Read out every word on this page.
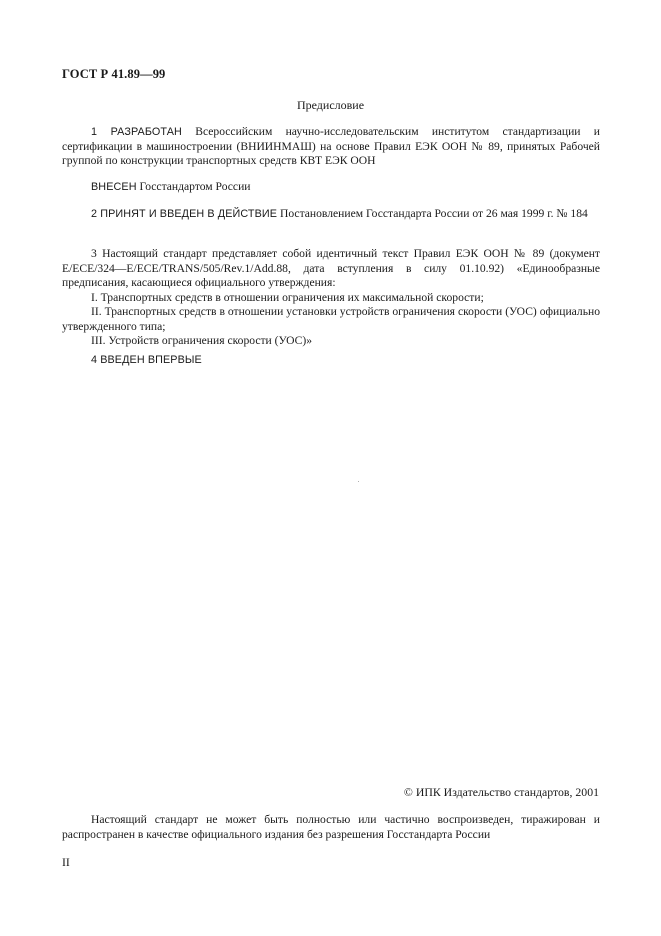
ГОСТ Р 41.89—99
Предисловие

1 РАЗРАБОТАН Всероссийским научно-исследовательским институтом стандартизации и сертификации в машиностроении (ВНИИНМАШ) на основе Правил ЕЭК ООН № 89, принятых Рабочей группой по конструкции транспортных средств КВТ ЕЭК ООН

ВНЕСЕН Госстандартом России

2 ПРИНЯТ И ВВЕДЕН В ДЕЙСТВИЕ Постановлением Госстандарта России от 26 мая 1999 г. № 184

3 Настоящий стандарт представляет собой идентичный текст Правил ЕЭК ООН № 89 (документ E/ECE/324—E/ECE/TRANS/505/Rev.1/Add.88, дата вступления в силу 01.10.92) «Единообразные предписания, касающиеся официального утверждения:

I. Транспортных средств в отношении ограничения их максимальной скорости;

II. Транспортных средств в отношении установки устройств ограничения скорости (УОС) официально утвержденного типа;

III. Устройств ограничения скорости (УОС)»

4 ВВЕДЕН ВПЕРВЫЕ

© ИПК Издательство стандартов, 2001
Настоящий стандарт не может быть полностью или частично воспроизведен, тиражирован и распространен в качестве официального издания без разрешения Госстандарта России
II
